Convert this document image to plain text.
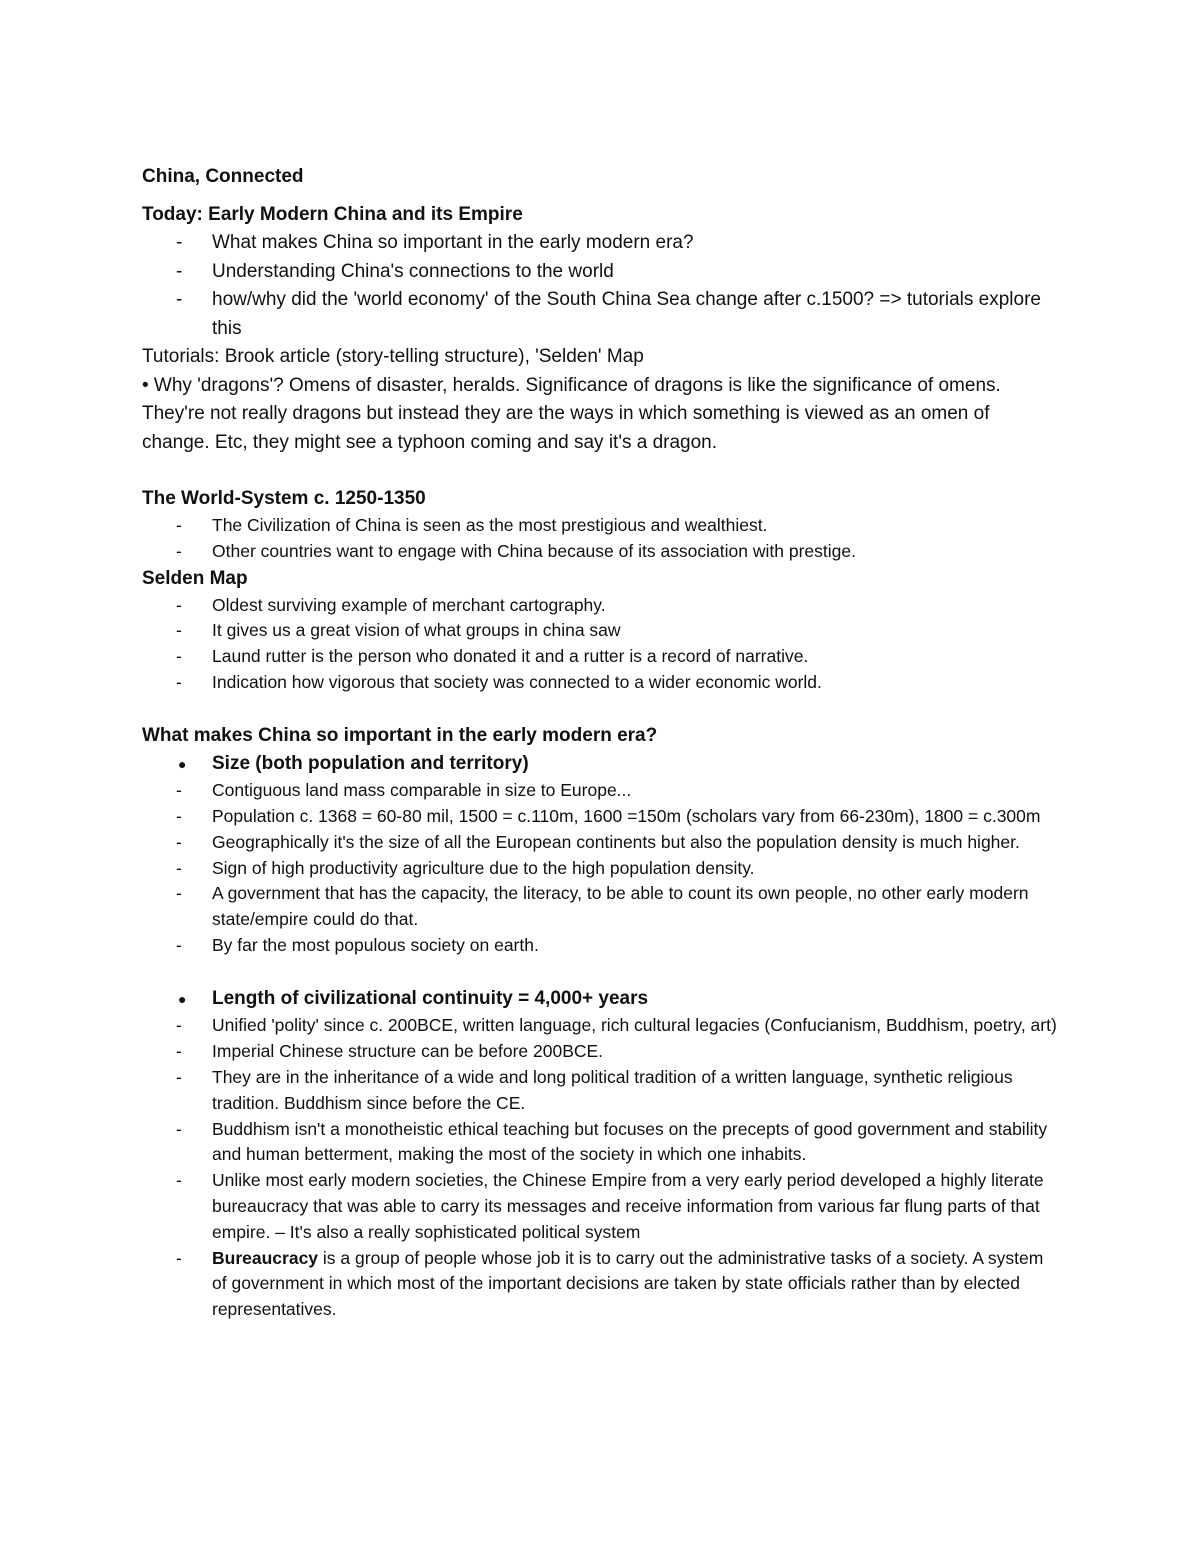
China, Connected

Today: Early Modern China and its Empire

- What makes China so important in the early modern era?
- Understanding China's connections to the world
- how/why did the 'world economy' of the South China Sea change after c.1500? => tutorials explore this

Tutorials: Brook article (story-telling structure), 'Selden' Map

• Why 'dragons'? Omens of disaster, heralds. Significance of dragons is like the significance of omens. They're not really dragons but instead they are the ways in which something is viewed as an omen of change. Etc, they might see a typhoon coming and say it's a dragon.

The World-System c. 1250-1350

- The Civilization of China is seen as the most prestigious and wealthiest.
- Other countries want to engage with China because of its association with prestige.

Selden Map

- Oldest surviving example of merchant cartography.
- It gives us a great vision of what groups in china saw
- Laund rutter is the person who donated it and a rutter is a record of narrative.
- Indication how vigorous that society was connected to a wider economic world.

What makes China so important in the early modern era?

● Size (both population and territory)
- Contiguous land mass comparable in size to Europe...
- Population c. 1368 = 60-80 mil, 1500 = c.110m, 1600 =150m (scholars vary from 66-230m), 1800 = c.300m
- Geographically it's the size of all the European continents but also the population density is much higher.
- Sign of high productivity agriculture due to the high population density.
- A government that has the capacity, the literacy, to be able to count its own people, no other early modern state/empire could do that.
- By far the most populous society on earth.
● Length of civilizational continuity = 4,000+ years
- Unified 'polity' since c. 200BCE, written language, rich cultural legacies (Confucianism, Buddhism, poetry, art)
- Imperial Chinese structure can be before 200BCE.
- They are in the inheritance of a wide and long political tradition of a written language, synthetic religious tradition. Buddhism since before the CE.
- Buddhism isn't a monotheistic ethical teaching but focuses on the precepts of good government and stability and human betterment, making the most of the society in which one inhabits.
- Unlike most early modern societies, the Chinese Empire from a very early period developed a highly literate bureaucracy that was able to carry its messages and receive information from various far flung parts of that empire. – It's also a really sophisticated political system
- Bureaucracy is a group of people whose job it is to carry out the administrative tasks of a society. A system of government in which most of the important decisions are taken by state officials rather than by elected representatives.
